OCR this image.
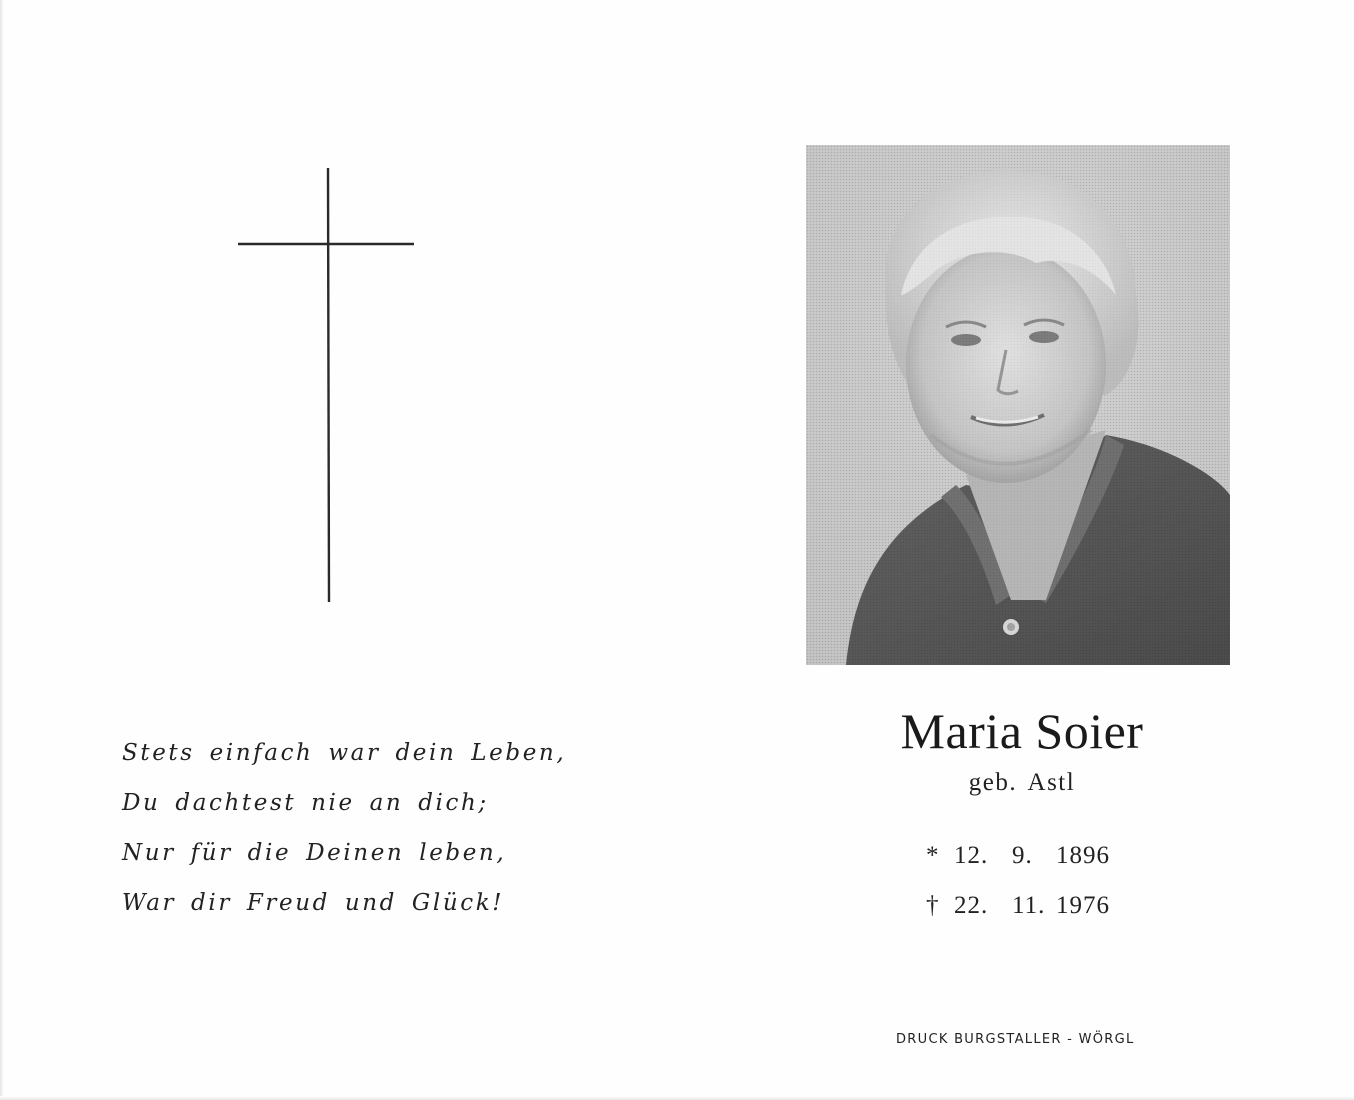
Stets einfach war dein Leben,
Du dachtest nie an dich;
Nur für die Deinen leben,
War dir Freud und Glück!
Maria Soier
geb. Astl
* 12. 9. 1896
† 22. 11. 1976
DRUCK BURGSTALLER - WÖRGL
